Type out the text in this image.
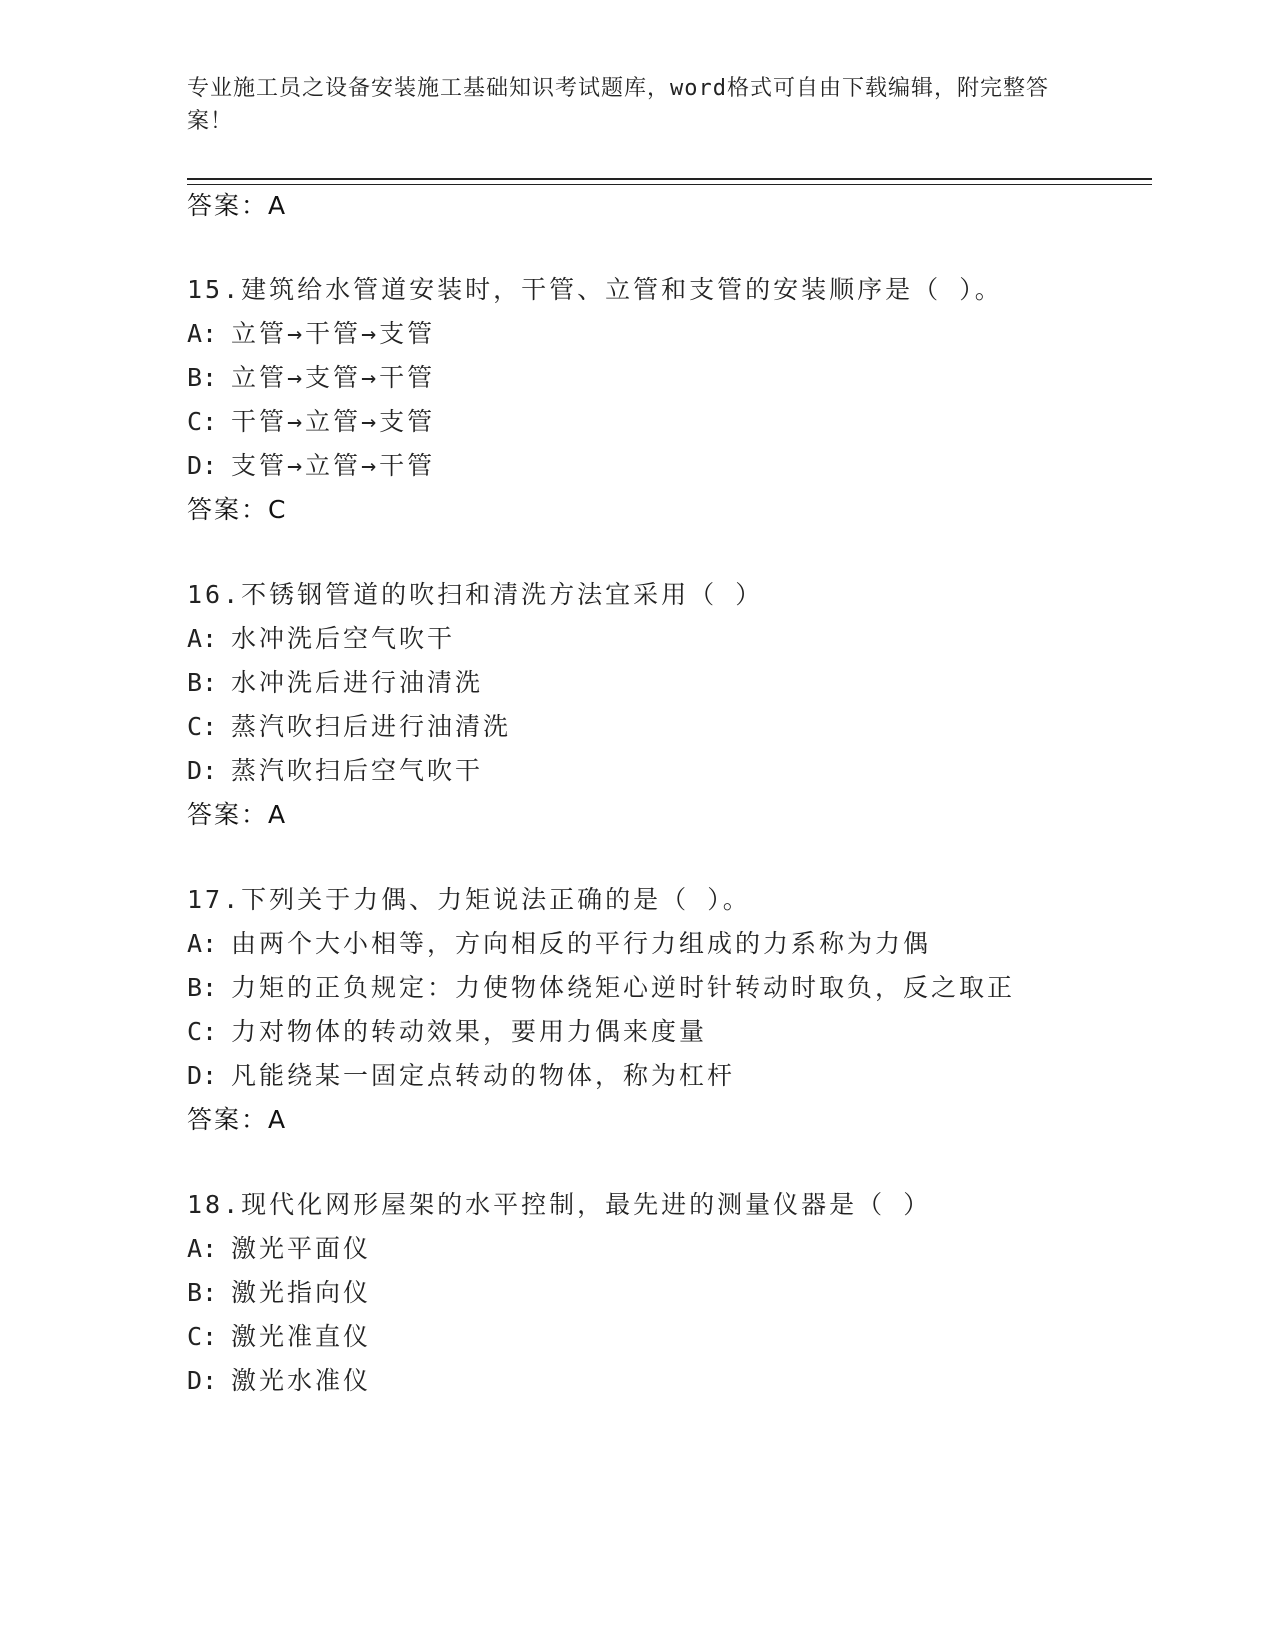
专业施工员之设备安装施工基础知识考试题库，word格式可自由下载编辑，附完整答案！
答案：A
15.建筑给水管道安装时，干管、立管和支管的安装顺序是（ ）。
A: 立管→干管→支管
B: 立管→支管→干管
C: 干管→立管→支管
D: 支管→立管→干管
答案：C
16.不锈钢管道的吹扫和清洗方法宜采用（ ）
A: 水冲洗后空气吹干
B: 水冲洗后进行油清洗
C: 蒸汽吹扫后进行油清洗
D: 蒸汽吹扫后空气吹干
答案：A
17.下列关于力偶、力矩说法正确的是（ ）。
A: 由两个大小相等，方向相反的平行力组成的力系称为力偶
B: 力矩的正负规定：力使物体绕矩心逆时针转动时取负，反之取正
C: 力对物体的转动效果，要用力偶来度量
D: 凡能绕某一固定点转动的物体，称为杠杆
答案：A
18.现代化网形屋架的水平控制，最先进的测量仪器是（ ）
A: 激光平面仪
B: 激光指向仪
C: 激光准直仪
D: 激光水准仪
